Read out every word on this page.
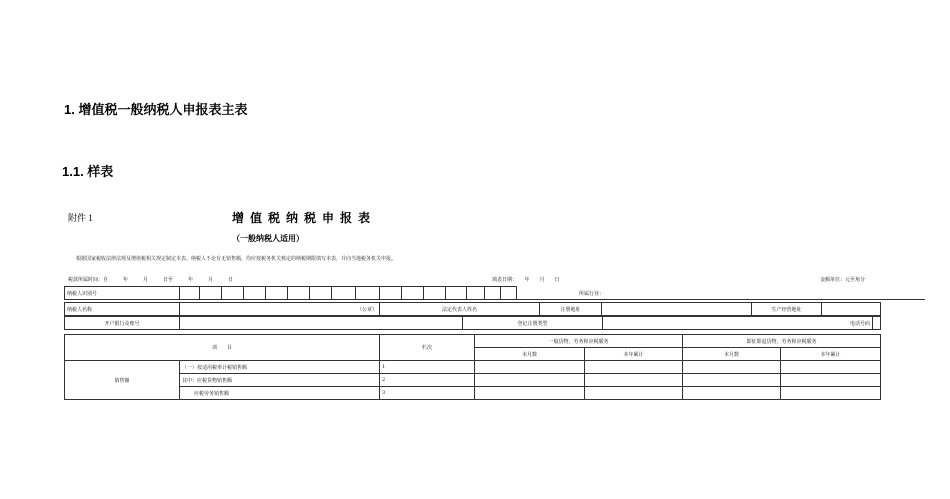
1. 增值税一般纳税人申报表主表
1.1. 样表
附件 1	增值税纳税申报表
（一般纳税人适用）
根据国家税收法律法规及增值税相关规定制定本表。纳税人不论有无销售额，均应按税务机关核定的纳税期限填写本表，并向当地税务机关申报。
税款所属时间：自　　　年　　　月　　　日至　　　年　　　月　　　日	填表日期：　　年　　月　　日	金额单位：元至角分
纳税人识别号																	所属行业：
纳税人名称	（公章）	法定代表人姓名	注册地址		生产经营地址	
开户银行及账号		登记注册类型	电话号码	
项　　目		栏次	一般货物、劳务和应税服务		即征即退货物、劳务和应税服务	
			本月数	本年累计	本月数	本年累计
销售额	（一）按适用税率计税销售额	1				
	其中：应税货物销售额	2				
	应税劳务销售额	3				
